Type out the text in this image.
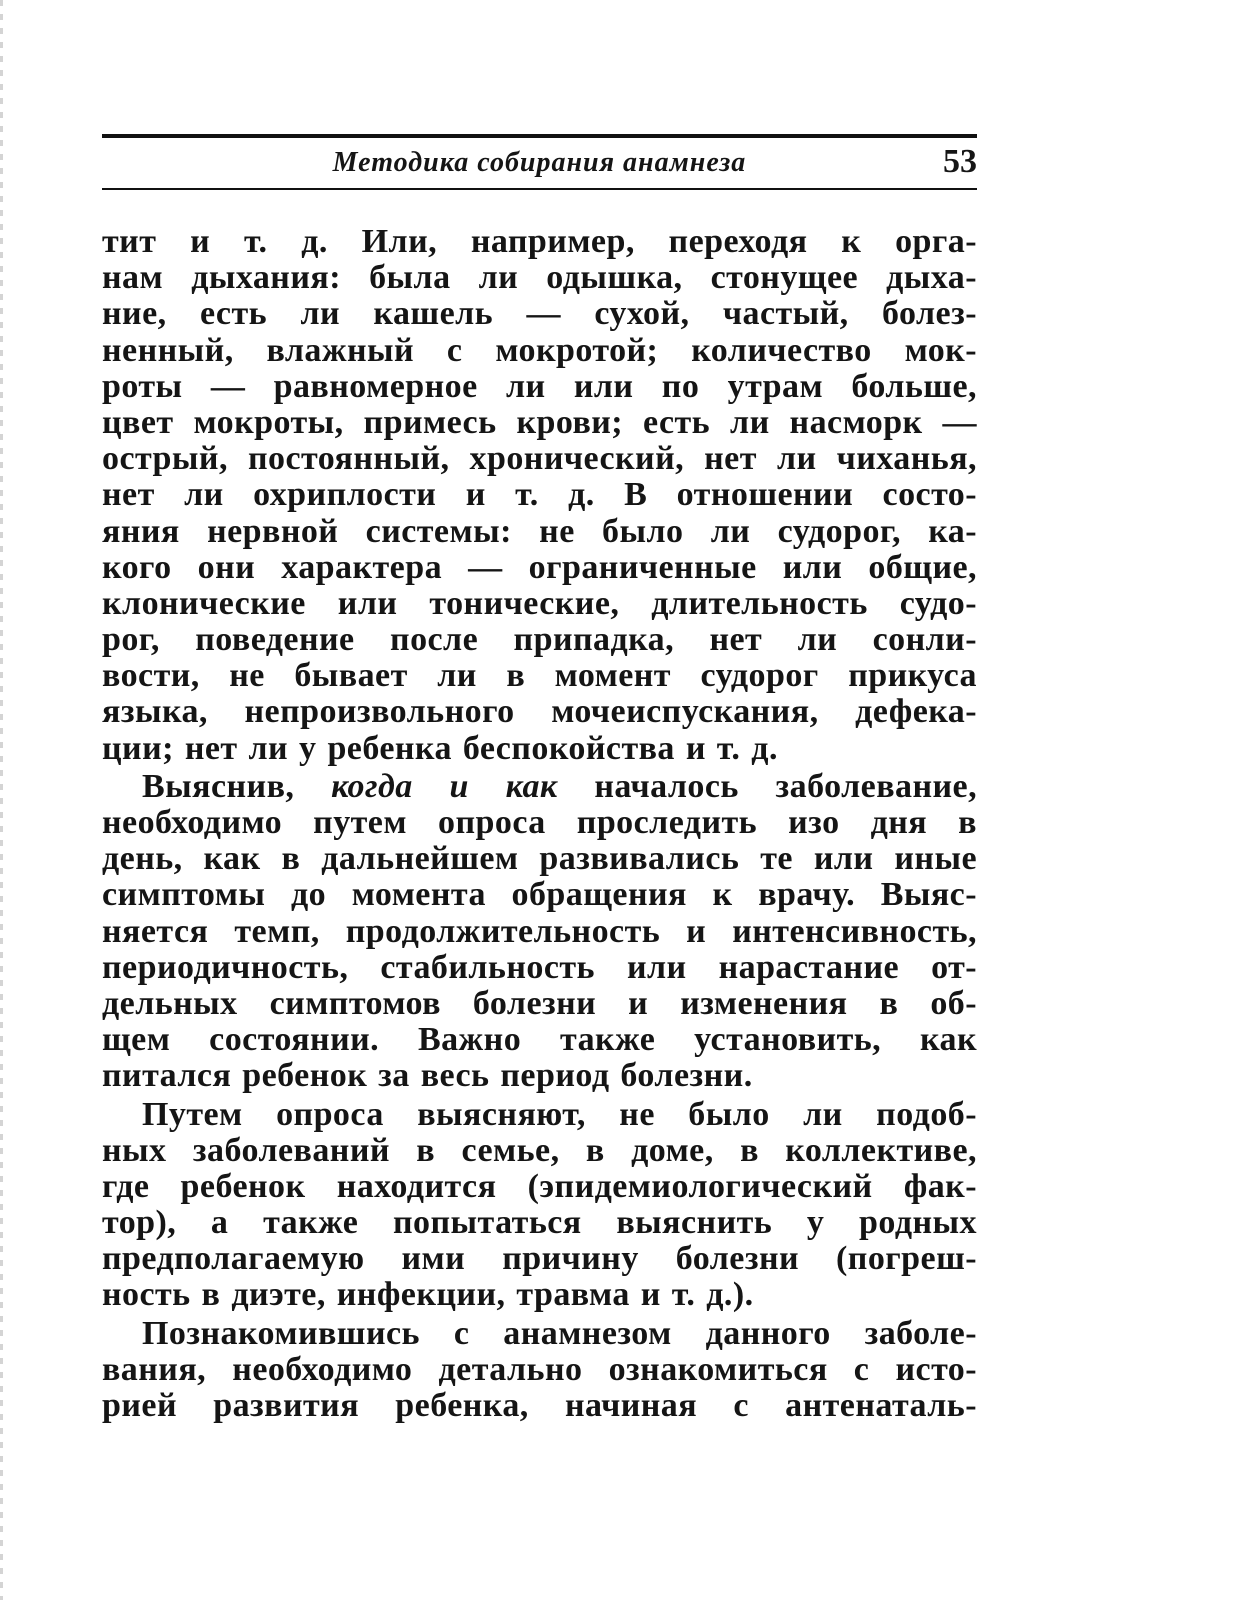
Методика собирания анамнеза	53

тит и т. д. Или, например, переходя к орга-
нам дыхания: была ли одышка, стонущее дыха-
ние, есть ли кашель — сухой, частый, болез-
ненный, влажный с мокротой; количество мок-
роты — равномерное ли или по утрам больше,
цвет мокроты, примесь крови; есть ли насморк —
острый, постоянный, хронический, нет ли чиханья,
нет ли охриплости и т. д. В отношении состо-
яния нервной системы: не было ли судорог, ка-
кого они характера — ограниченные или общие,
клонические или тонические, длительность судо-
рог, поведение после припадка, нет ли сонли-
вости, не бывает ли в момент судорог прикуса
языка, непроизвольного мочеиспускания, дефека-
ции; нет ли у ребенка беспокойства и т. д.

Выяснив, когда и как началось заболевание,
необходимо путем опроса проследить изо дня в
день, как в дальнейшем развивались те или иные
симптомы до момента обращения к врачу. Выяс-
няется темп, продолжительность и интенсивность,
периодичность, стабильность или нарастание от-
дельных симптомов болезни и изменения в об-
щем состоянии. Важно также установить, как
питался ребенок за весь период болезни.

Путем опроса выясняют, не было ли подоб-
ных заболеваний в семье, в доме, в коллективе,
где ребенок находится (эпидемиологический фак-
тор), а также попытаться выяснить у родных
предполагаемую ими причину болезни (погреш-
ность в диэте, инфекции, травма и т. д.).

Познакомившись с анамнезом данного заболе-
вания, необходимо детально ознакомиться с исто-
рией развития ребенка, начиная с антенаталь-
